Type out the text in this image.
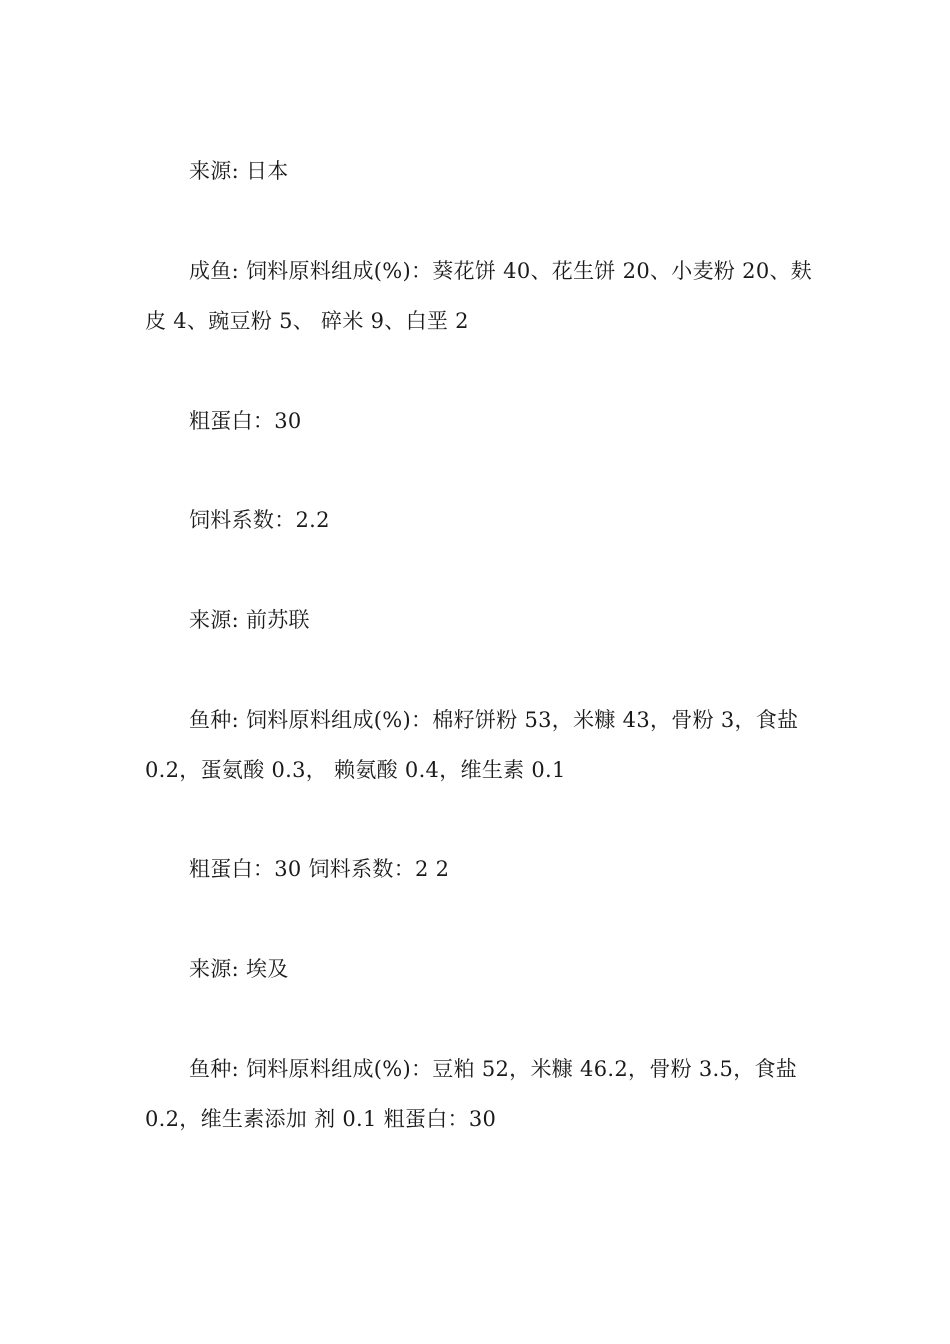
来源: 日本

成鱼: 饲料原料组成(%)：葵花饼 40、花生饼 20、小麦粉 20、麸皮 4、豌豆粉 5、 碎米 9、白垩 2

粗蛋白：30

饲料系数：2.2

来源: 前苏联

鱼种: 饲料原料组成(%)：棉籽饼粉 53，米糠 43，骨粉 3，食盐 0.2，蛋氨酸 0.3， 赖氨酸 0.4，维生素 0.1

粗蛋白：30 饲料系数：2 2

来源: 埃及

鱼种: 饲料原料组成(%)：豆粕 52，米糠 46.2，骨粉 3.5，食盐 0.2，维生素添加 剂 0.1 粗蛋白：30
